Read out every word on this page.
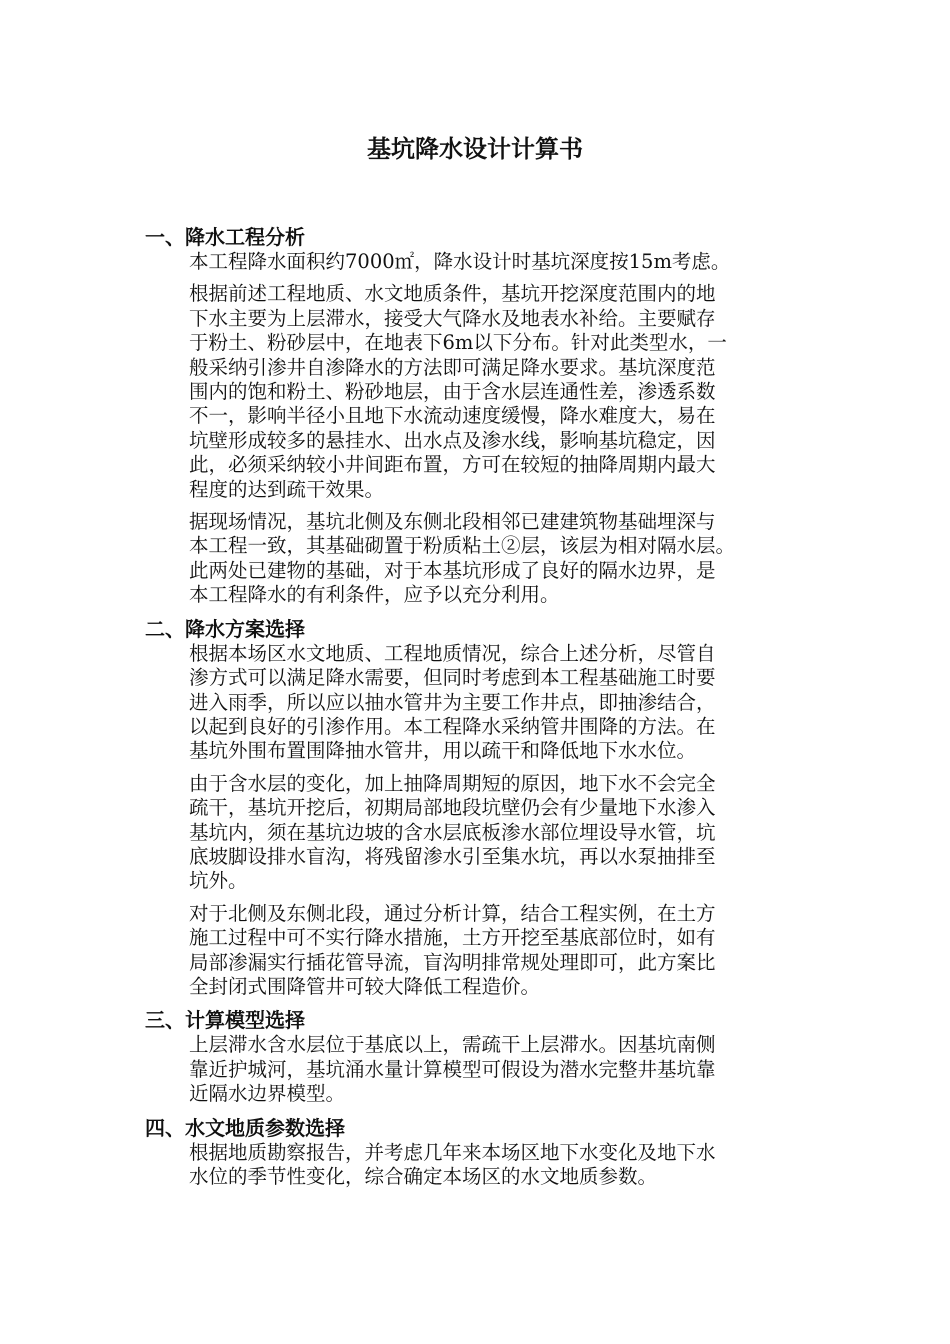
基坑降水设计计算书
一、降水工程分析
本工程降水面积约7000㎡，降水设计时基坑深度按15m考虑。
根据前述工程地质、水文地质条件，基坑开挖深度范围内的地
下水主要为上层滞水，接受大气降水及地表水补给。主要赋存
于粉土、粉砂层中，在地表下6m以下分布。针对此类型水，一
般采纳引渗井自渗降水的方法即可满足降水要求。基坑深度范
围内的饱和粉土、粉砂地层，由于含水层连通性差，渗透系数
不一，影响半径小且地下水流动速度缓慢，降水难度大，易在
坑壁形成较多的悬挂水、出水点及渗水线，影响基坑稳定，因
此，必须采纳较小井间距布置，方可在较短的抽降周期内最大
程度的达到疏干效果。
据现场情况，基坑北侧及东侧北段相邻已建建筑物基础埋深与
本工程一致，其基础砌置于粉质粘土②层，该层为相对隔水层。
此两处已建物的基础，对于本基坑形成了良好的隔水边界，是
本工程降水的有利条件，应予以充分利用。
二、降水方案选择
根据本场区水文地质、工程地质情况，综合上述分析，尽管自
渗方式可以满足降水需要，但同时考虑到本工程基础施工时要
进入雨季，所以应以抽水管井为主要工作井点，即抽渗结合，
以起到良好的引渗作用。本工程降水采纳管井围降的方法。在
基坑外围布置围降抽水管井，用以疏干和降低地下水水位。
由于含水层的变化，加上抽降周期短的原因，地下水不会完全
疏干，基坑开挖后，初期局部地段坑壁仍会有少量地下水渗入
基坑内，须在基坑边坡的含水层底板渗水部位埋设导水管，坑
底坡脚设排水盲沟，将残留渗水引至集水坑，再以水泵抽排至
坑外。
对于北侧及东侧北段，通过分析计算，结合工程实例，在土方
施工过程中可不实行降水措施，土方开挖至基底部位时，如有
局部渗漏实行插花管导流，盲沟明排常规处理即可，此方案比
全封闭式围降管井可较大降低工程造价。
三、计算模型选择
上层滞水含水层位于基底以上，需疏干上层滞水。因基坑南侧
靠近护城河，基坑涌水量计算模型可假设为潜水完整井基坑靠
近隔水边界模型。
四、水文地质参数选择
根据地质勘察报告，并考虑几年来本场区地下水变化及地下水
水位的季节性变化，综合确定本场区的水文地质参数。
